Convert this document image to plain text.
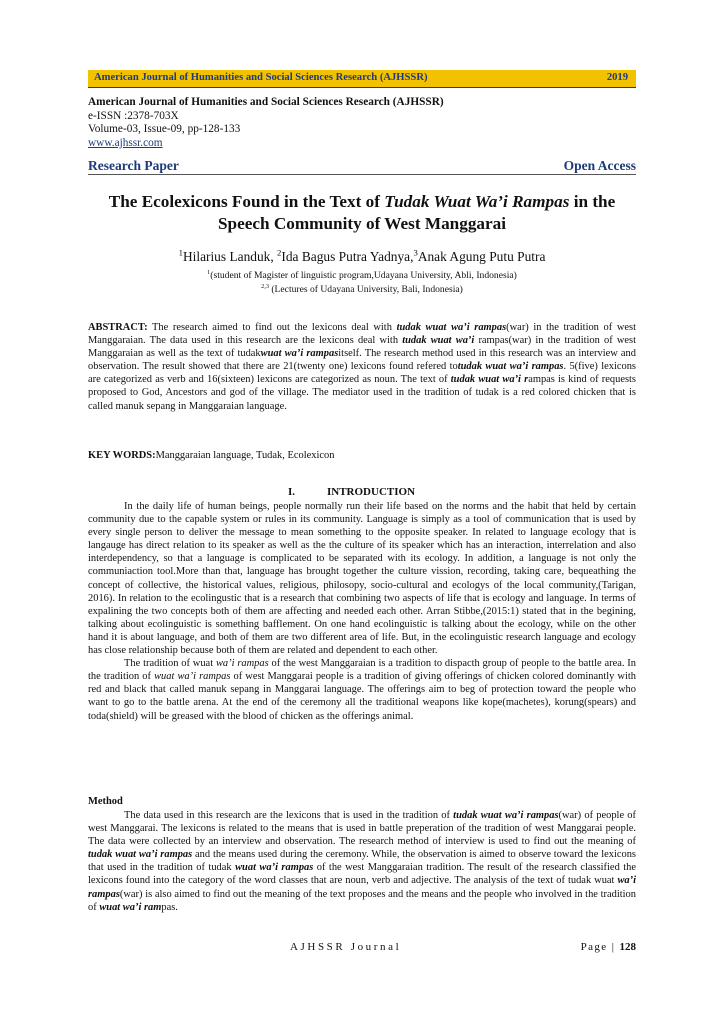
American Journal of Humanities and Social Sciences Research (AJHSSR)	2019
American Journal of Humanities and Social Sciences Research (AJHSSR)
e-ISSN :2378-703X
Volume-03, Issue-09, pp-128-133
www.ajhssr.com
Research Paper	Open Access
The Ecolexicons Found in the Text of Tudak Wuat Wa’i Rampas in the Speech Community of West Manggarai
$^1$Hilarius Landuk, $^2$Ida Bagus Putra Yadnya,$^3$Anak Agung Putu Putra
$^1$(student of Magister of linguistic program,Udayana University, Abli, Indonesia)
$^{2,3}$ (Lectures of Udayana University, Bali, Indonesia)
ABSTRACT: The research aimed to find out the lexicons deal with tudak wuat wa’i rampas(war) in the tradition of west Manggaraian. The data used in this research are the lexicons deal with tudak wuat wa’i rampas(war) in the tradition of west Manggaraian as well as the text of tudakwuat wa’i rampasitself. The research method used in this research was an interview and observation. The result showed that there are 21(twenty one) lexicons found refered totudak wuat wa’i rampas. 5(five) lexicons are categorized as verb and 16(sixteen) lexicons are categorized as noun. The text of tudak wuat wa’i rampas is kind of requests proposed to God, Ancestors and god of the village. The mediator used in the tradition of tudak is a red colored chicken that is called manuk sepang in Manggaraian language.
KEY WORDS:Manggaraian language, Tudak, Ecolexicon
I.	INTRODUCTION

In the daily life of human beings, people normally run their life based on the norms and the habit that held by certain community due to the capable system or rules in its community. Language is simply as a tool of communication that is used by every single person to deliver the message to mean something to the opposite speaker. In related to language ecology that is langauge has direct relation to its speaker as well as the the culture of its speaker which has an interaction, interrelation and also interdependency, so that a language is complicated to be separated with its ecology. In addition, a language is not only the communiaction tool.More than that, language has brought together the culture vission, recording, taking care, bequeathing the concept of collective, the historical values, religious, philosopy, socio-cultural and ecologys of the local community,(Tarigan, 2016). In relation to the ecolingustic that is a research that combining two aspects of life that is ecology and language. In terms of expalining the two concepts both of them are affecting and needed each other. Arran Stibbe,(2015:1) stated that in the begining, talking about ecolinguistic is something bafflement. On one hand ecolinguistic is talking about the ecology, while on the other hand it is about language, and both of them are two different area of life. But, in the ecolinguistic research language and ecology has close relationship because both of them are related and dependent to each other.

The tradition of wuat wa’i rampas of the west Manggaraian is a tradition to dispacth group of people to the battle area. In the tradition of wuat wa’i rampas of west Manggarai people is a tradition of giving offerings of chicken colored dominantly with red and black that called manuk sepang in Manggarai language. The offerings aim to beg of protection toward the people who want to go to the battle arena. At the end of the ceremony all the traditional weapons like kope(machetes), korung(spears) and toda(shield) will be greased with the blood of chicken as the offerings animal.

Method

The data used in this research are the lexicons that is used in the tradition of tudak wuat wa’i rampas(war) of people of west Manggarai. The lexicons is related to the means that is used in battle preperation of the tradition of west Manggarai people. The data were collected by an interview and observation. The research method of interview is used to find out the meaning of tudak wuat wa’i rampas and the means used during the ceremony. While, the observation is aimed to observe toward the lexicons that used in the tradition of tudak wuat wa’i rampas of the west Manggaraian tradition. The result of the research classified the lexicons found into the category of the word classes that are noun, verb and adjective. The analysis of the text of tudak wuat wa’i rampas(war) is also aimed to find out the meaning of the text proposes and the means and the people who involved in the tradition of wuat wa’i rampas.

AJHSSR Journal	Page | 128
